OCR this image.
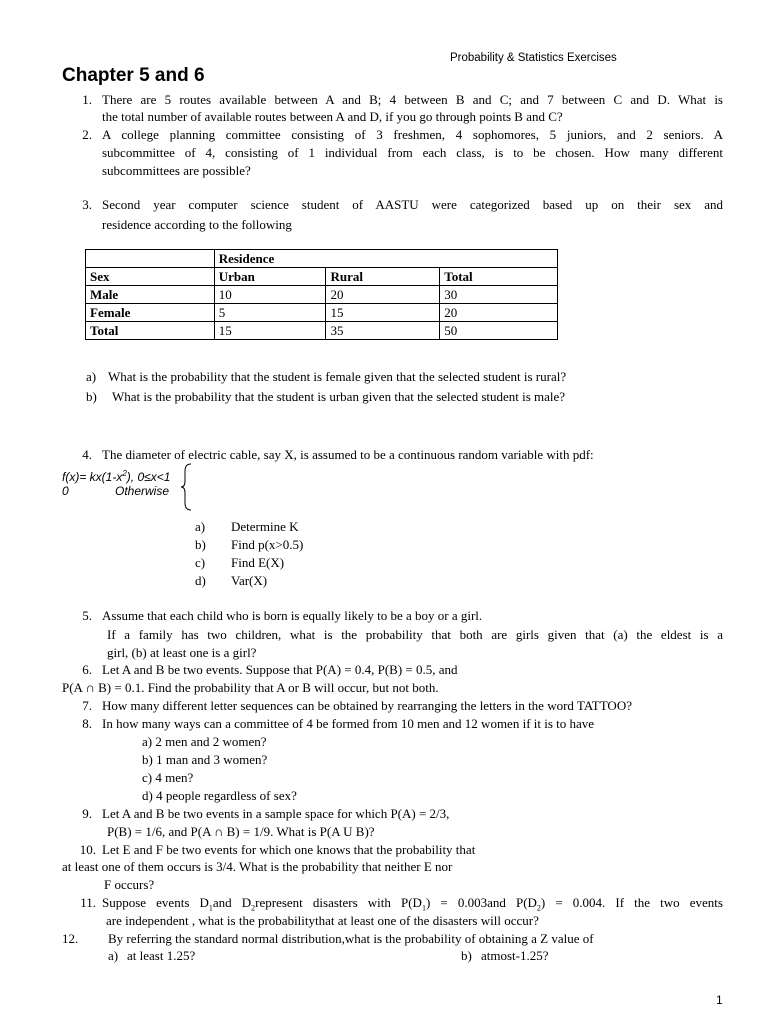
Probability & Statistics Exercises
Chapter 5 and 6
1. There are 5 routes available between A and B; 4 between B and C; and 7 between C and D. What is
the total number of available routes between A and D, if you go through points B and C?
2. A college planning committee consisting of 3 freshmen, 4 sophomores, 5 juniors, and 2 seniors. A
subcommittee of 4, consisting of 1 individual from each class, is to be chosen. How many different
subcommittees are possible?
3. Second year computer science student of AASTU were categorized based up on their sex and
residence according to the following
	Residence		
Sex	Urban	Rural	Total
Male	10	20	30
Female	5	15	20
Total	15	35	50
a) What is the probability that the student is female given that the selected student is rural?
b) What is the probability that the student is urban given that the selected student is male?
4. The diameter of electric cable, say X, is assumed to be a continuous random variable with pdf:
$f(x)= kx(1-x^2)$, 0≤x<1
0	Otherwise
a) Determine K
b) Find p(x>0.5)
c) Find E(X)
d) Var(X)
5. Assume that each child who is born is equally likely to be a boy or a girl.
If a family has two children, what is the probability that both are girls given that (a) the eldest is a
girl, (b) at least one is a girl?
6. Let A and B be two events. Suppose that P(A) = 0.4, P(B) = 0.5, and
P(A ∩ B) = 0.1. Find the probability that A or B will occur, but not both.
7. How many different letter sequences can be obtained by rearranging the letters in the word TATTOO?
8. In how many ways can a committee of 4 be formed from 10 men and 12 women if it is to have
a) 2 men and 2 women?
b) 1 man and 3 women?
c) 4 men?
d) 4 people regardless of sex?
9. Let A and B be two events in a sample space for which P(A) = 2/3,
P(B) = 1/6, and P(A ∩ B) = 1/9. What is P(A U B)?
10. Let E and F be two events for which one knows that the probability that
at least one of them occurs is 3/4. What is the probability that neither E nor
F occurs?
11. Suppose events $D_1and$ $D_2represent$ disasters with $P(D_1) = 0.003and$ $P(D_2) = 0.004$. If the two events
are independent , what is the probabilitythat at least one of the disasters will occur?
12. By referring the standard normal distribution,what is the probability of obtaining a Z value of
a) at least 1.25?	b) atmost-1.25?
1
